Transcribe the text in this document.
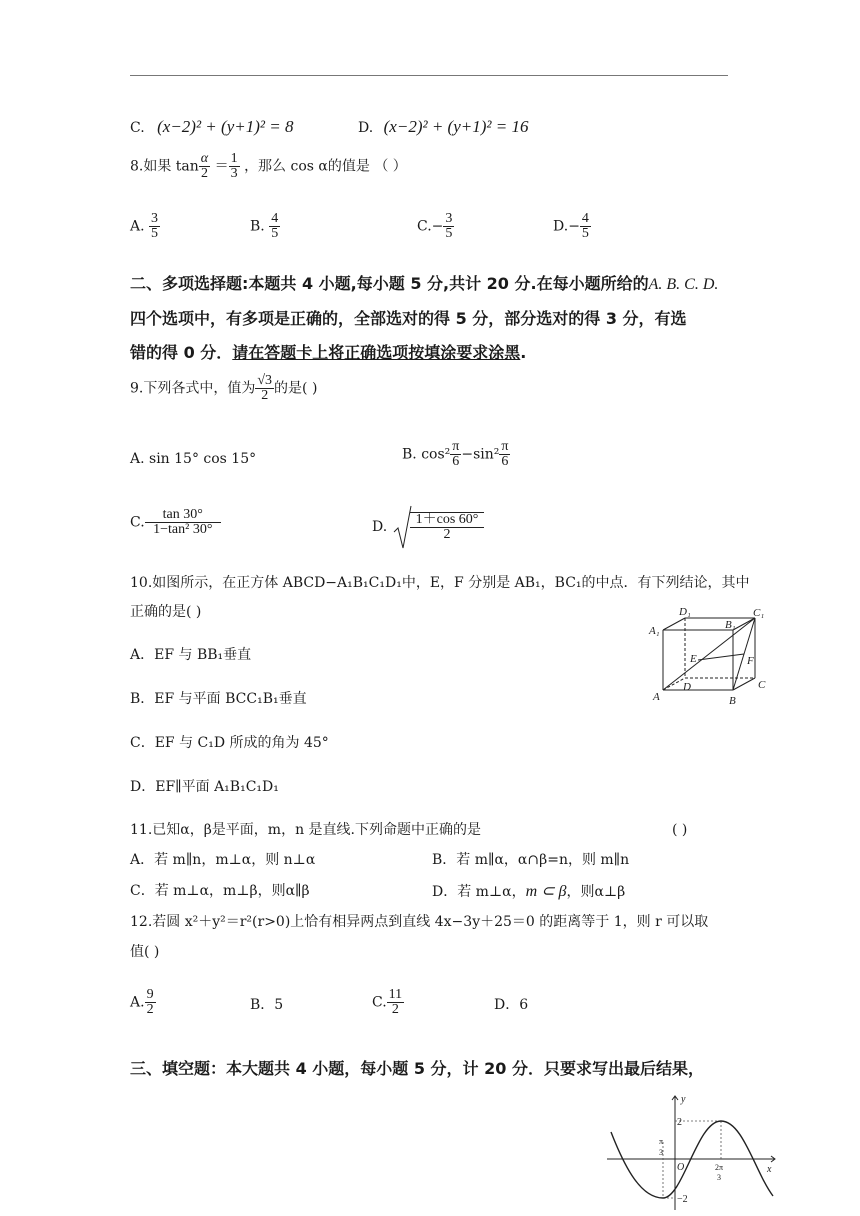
C. (x−2)² + (y+1)² = 8	D. (x−2)² + (y+1)² = 16
8.如果 $\tan \frac{\alpha}{2} = \frac{1}{3}$ ，那么 cos α的值是 （ ）
A. $\frac{3}{5}$	B. $\frac{4}{5}$	$C.- \frac{3}{5}$	$D.- \frac{4}{5}$
二、多项选择题:本题共 4 小题,每小题 5 分,共计 20 分.在每小题所给的A. B. C. D.
四个选项中，有多项是正确的，全部选对的得 5 分，部分选对的得 3 分，有选
错的得 0 分．请在答题卡上将正确选项按填涂要求涂黑.
9.下列各式中，值为 $\frac{√3}{2}$ 的是( )
A. sin 15° cos 15°	B. $\cos^2 \frac{\pi}{6} -\sin^2 \frac{\pi}{6}$
C. $\frac{\tan 30^\circ}{\text{1−tan² 30°}}$	D. $\frac{1+\cos 60^\circ}{2}$
10.如图所示，在正方体 ABCD−A₁B₁C₁D₁中，E，F 分别是 AB₁，BC₁的中点．有下列结论，其中
正确的是( )
A．EF 与 BB₁垂直
B．EF 与平面 BCC₁B₁垂直
C．EF 与 C₁D 所成的角为 45°
D．EF∥平面 A₁B₁C₁D₁
A	B
C
D
A₁	B₁
C₁
D₁
E	F
11.已知α，β是平面，m，n 是直线.下列命题中正确的是	( )
A．若 m∥n，m⊥α，则 n⊥α	B．若 m∥α，α∩β=n，则 m∥n
C．若 m⊥α，m⊥β，则α∥β	D．若 m⊥α，m ⊂ β，则α⊥β
12.若圆 x²＋y²＝r²(r>0)上恰有相异两点到直线 4x−3y＋25＝0 的距离等于 1，则 r 可以取
值( )
A. $\frac{9}{2}$	B．5	C. $\frac{11}{2}$	D．6
三、填空题：本大题共 4 小题，每小题 5 分，计 20 分．只要求写出最后结果，
y
x
O
2
−2
π
3
2π
3
